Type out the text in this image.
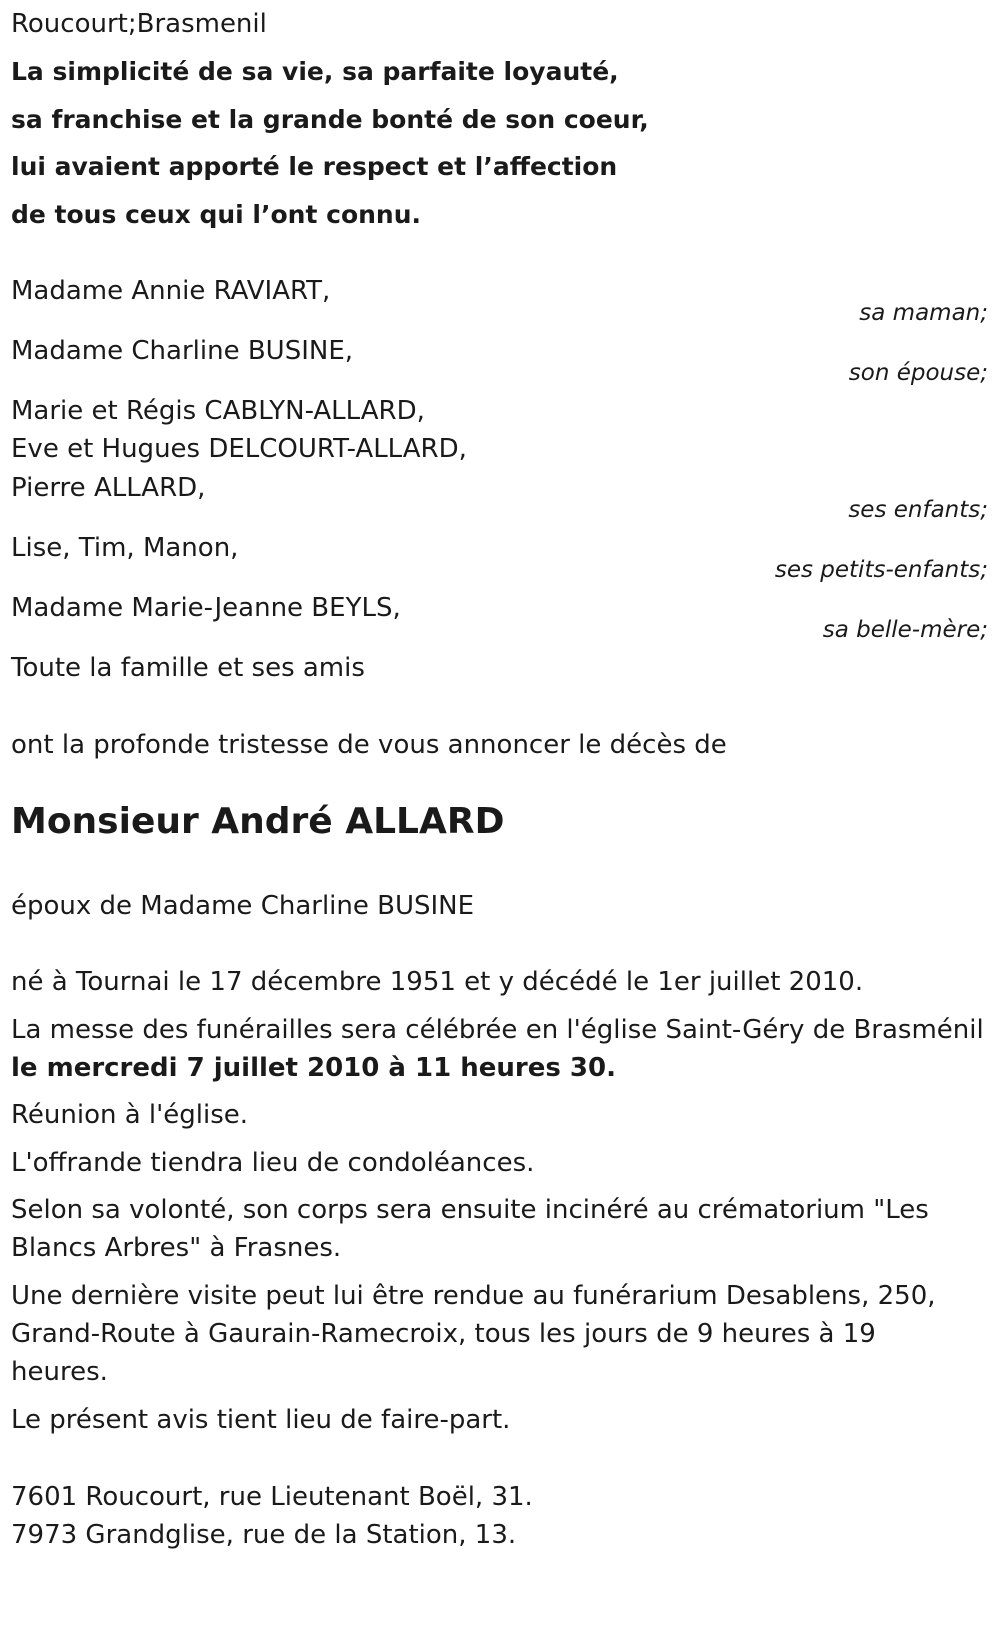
Roucourt;Brasmenil
La simplicité de sa vie, sa parfaite loyauté,
sa franchise et la grande bonté de son coeur,
lui avaient apporté le respect et l’affection
de tous ceux qui l’ont connu.
Madame Annie RAVIART,
sa maman;
Madame Charline BUSINE,
son épouse;
Marie et Régis CABLYN-ALLARD,
Eve et Hugues DELCOURT-ALLARD,
Pierre ALLARD,
ses enfants;
Lise, Tim, Manon,
ses petits-enfants;
Madame Marie-Jeanne BEYLS,
sa belle-mère;
Toute la famille et ses amis
ont la profonde tristesse de vous annoncer le décès de
Monsieur André ALLARD
époux de Madame Charline BUSINE
né à Tournai le 17 décembre 1951 et y décédé le 1er juillet 2010.
La messe des funérailles sera célébrée en l'église Saint-Géry de Brasménil
le mercredi 7 juillet 2010 à 11 heures 30.
Réunion à l'église.
L'offrande tiendra lieu de condoléances.
Selon sa volonté, son corps sera ensuite incinéré au crématorium "Les
Blancs Arbres" à Frasnes.
Une dernière visite peut lui être rendue au funérarium Desablens, 250,
Grand-Route à Gaurain-Ramecroix, tous les jours de 9 heures à 19
heures.
Le présent avis tient lieu de faire-part.
7601 Roucourt, rue Lieutenant Boël, 31.
7973 Grandglise, rue de la Station, 13.
